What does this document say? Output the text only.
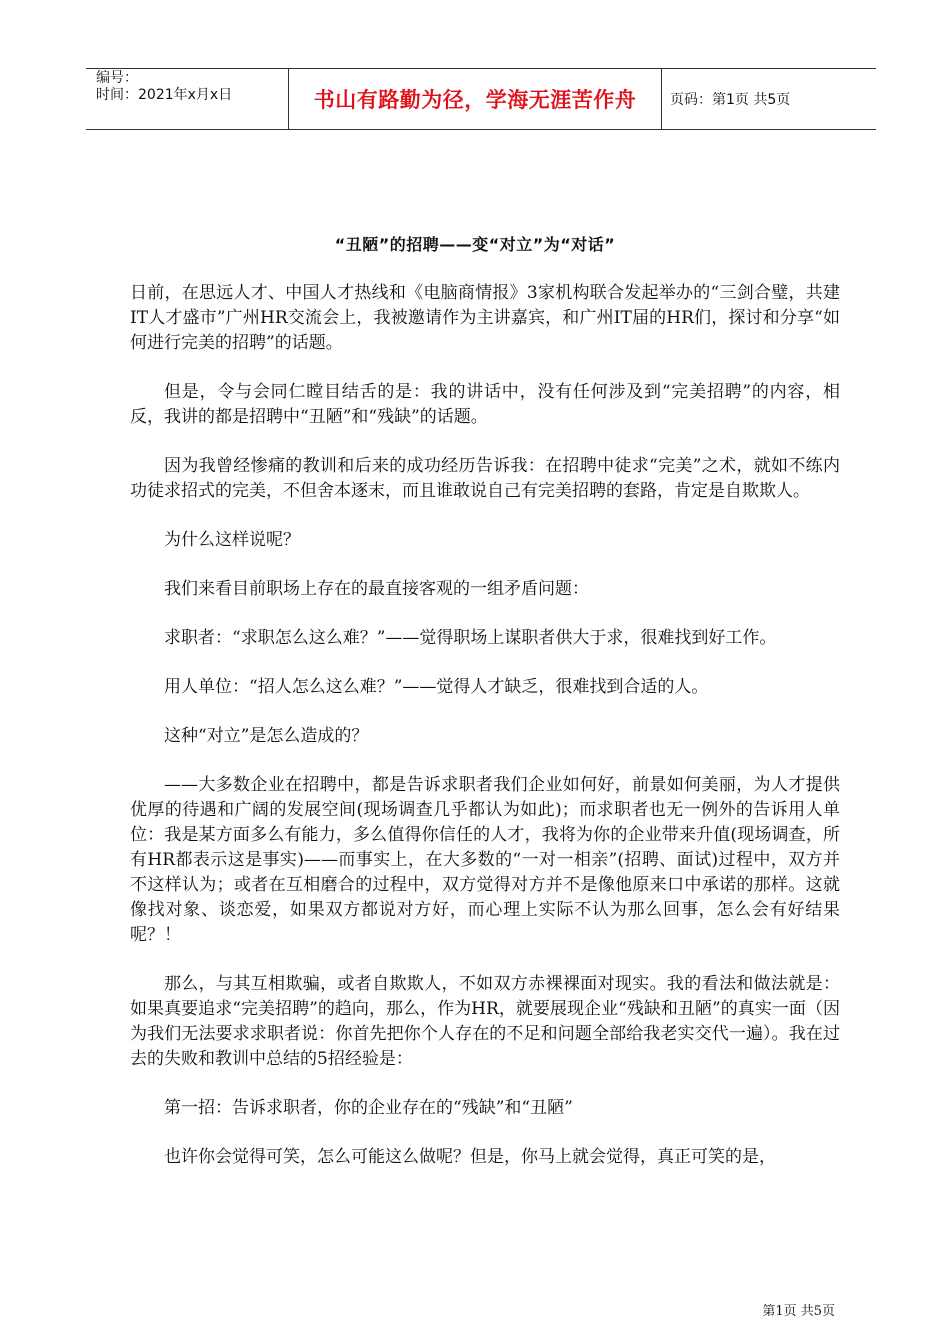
编号：
时间：2021年x月x日	书山有路勤为径，学海无涯苦作舟 页码：第1页 共5页
“丑陋”的招聘——变“对立”为“对话”

日前，在思远人才、中国人才热线和《电脑商情报》3家机构联合发起举办的“三剑合璧，共建IT人才盛市”广州HR交流会上，我被邀请作为主讲嘉宾，和广州IT届的HR们，探讨和分享“如何进行完美的招聘”的话题。

但是，令与会同仁瞠目结舌的是：我的讲话中，没有任何涉及到“完美招聘”的内容，相反，我讲的都是招聘中“丑陋”和“残缺”的话题。

因为我曾经惨痛的教训和后来的成功经历告诉我：在招聘中徒求“完美”之术，就如不练内功徒求招式的完美，不但舍本逐末，而且谁敢说自己有完美招聘的套路，肯定是自欺欺人。

为什么这样说呢？

我们来看目前职场上存在的最直接客观的一组矛盾问题：

求职者：“求职怎么这么难？”——觉得职场上谋职者供大于求，很难找到好工作。

用人单位：“招人怎么这么难？”——觉得人才缺乏，很难找到合适的人。

这种“对立”是怎么造成的？

——大多数企业在招聘中，都是告诉求职者我们企业如何好，前景如何美丽，为人才提供优厚的待遇和广阔的发展空间(现场调查几乎都认为如此)；而求职者也无一例外的告诉用人单位：我是某方面多么有能力，多么值得你信任的人才，我将为你的企业带来升值(现场调查，所有HR都表示这是事实)——而事实上，在大多数的“一对一相亲”(招聘、面试)过程中，双方并不这样认为；或者在互相磨合的过程中，双方觉得对方并不是像他原来口中承诺的那样。这就像找对象、谈恋爱，如果双方都说对方好，而心理上实际不认为那么回事，怎么会有好结果呢？！

那么，与其互相欺骗，或者自欺欺人，不如双方赤裸裸面对现实。我的看法和做法就是：如果真要追求“完美招聘”的趋向，那么，作为HR，就要展现企业“残缺和丑陋”的真实一面（因为我们无法要求求职者说：你首先把你个人存在的不足和问题全部给我老实交代一遍）。我在过去的失败和教训中总结的5招经验是：

第一招：告诉求职者，你的企业存在的“残缺”和“丑陋”

也许你会觉得可笑，怎么可能这么做呢？但是，你马上就会觉得，真正可笑的是，

第1页 共5页
